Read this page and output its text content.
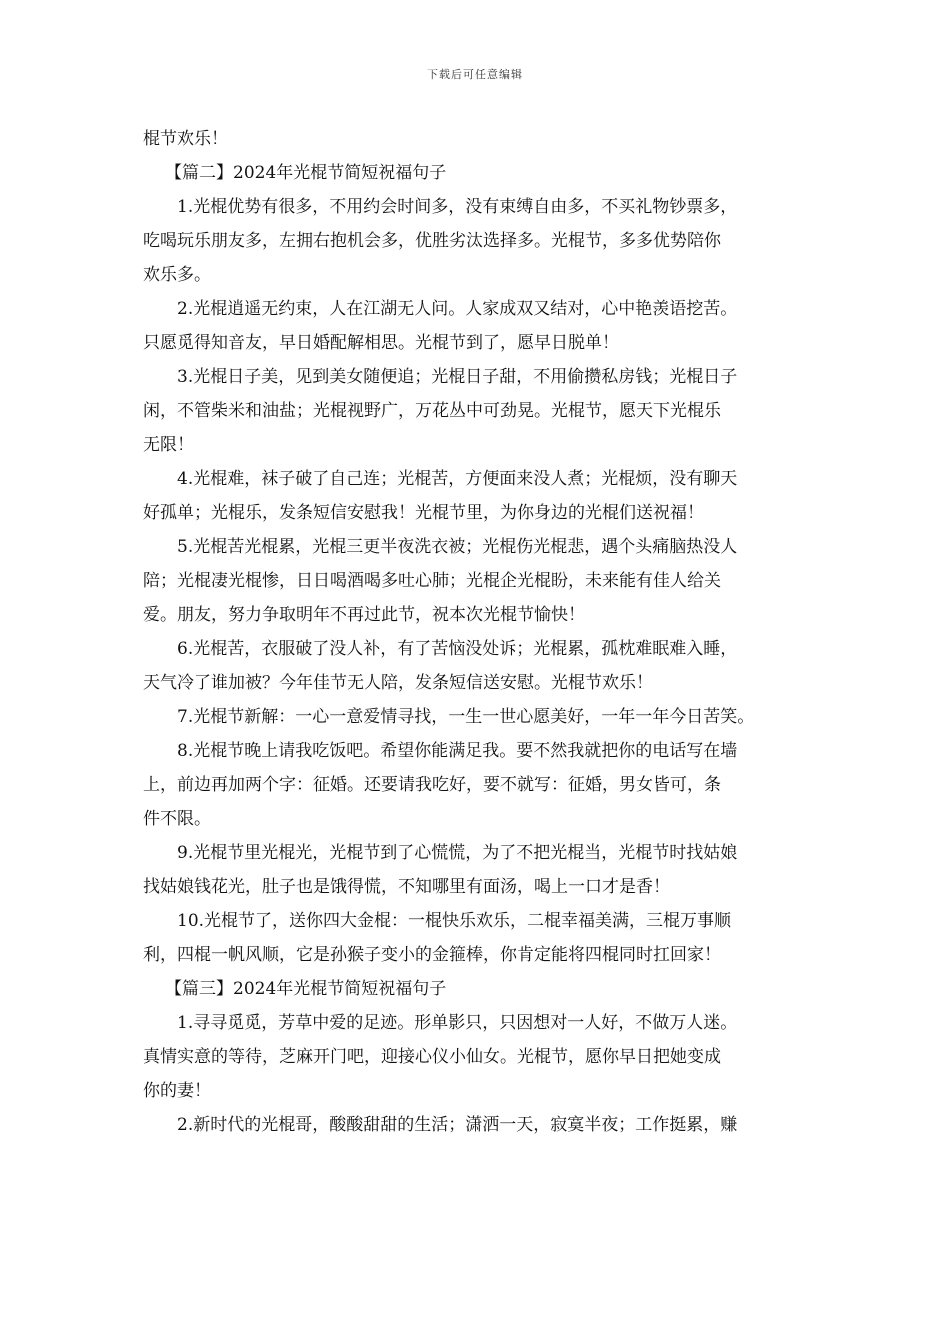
下载后可任意编辑

棍节欢乐！

【篇二】2024年光棍节简短祝福句子

1.光棍优势有很多，不用约会时间多，没有束缚自由多，不买礼物钞票多，

吃喝玩乐朋友多，左拥右抱机会多，优胜劣汰选择多。光棍节，多多优势陪你

欢乐多。

2.光棍逍遥无约束，人在江湖无人问。人家成双又结对，心中艳羡语挖苦。

只愿觅得知音友，早日婚配解相思。光棍节到了，愿早日脱单！

3.光棍日子美，见到美女随便追；光棍日子甜，不用偷攒私房钱；光棍日子

闲，不管柴米和油盐；光棍视野广，万花丛中可劲晃。光棍节，愿天下光棍乐

无限！

4.光棍难，袜子破了自己连；光棍苦，方便面来没人煮；光棍烦，没有聊天

好孤单；光棍乐，发条短信安慰我！光棍节里，为你身边的光棍们送祝福！

5.光棍苦光棍累，光棍三更半夜洗衣被；光棍伤光棍悲，遇个头痛脑热没人

陪；光棍凄光棍惨，日日喝酒喝多吐心肺；光棍企光棍盼，未来能有佳人给关

爱。朋友，努力争取明年不再过此节，祝本次光棍节愉快！

6.光棍苦，衣服破了没人补，有了苦恼没处诉；光棍累，孤枕难眠难入睡，

天气冷了谁加被？今年佳节无人陪，发条短信送安慰。光棍节欢乐！

7.光棍节新解：一心一意爱情寻找，一生一世心愿美好，一年一年今日苦笑。

8.光棍节晚上请我吃饭吧。希望你能满足我。要不然我就把你的电话写在墙

上，前边再加两个字：征婚。还要请我吃好，要不就写：征婚，男女皆可，条

件不限。

9.光棍节里光棍光，光棍节到了心慌慌，为了不把光棍当，光棍节时找姑娘

找姑娘钱花光，肚子也是饿得慌，不知哪里有面汤，喝上一口才是香！

10.光棍节了，送你四大金棍：一棍快乐欢乐，二棍幸福美满，三棍万事顺

利，四棍一帆风顺，它是孙猴子变小的金箍棒，你肯定能将四棍同时扛回家！

【篇三】2024年光棍节简短祝福句子

1.寻寻觅觅，芳草中爱的足迹。形单影只，只因想对一人好，不做万人迷。

真情实意的等待，芝麻开门吧，迎接心仪小仙女。光棍节，愿你早日把她变成

你的妻！

2.新时代的光棍哥，酸酸甜甜的生活；潇洒一天，寂寞半夜；工作挺累，赚
